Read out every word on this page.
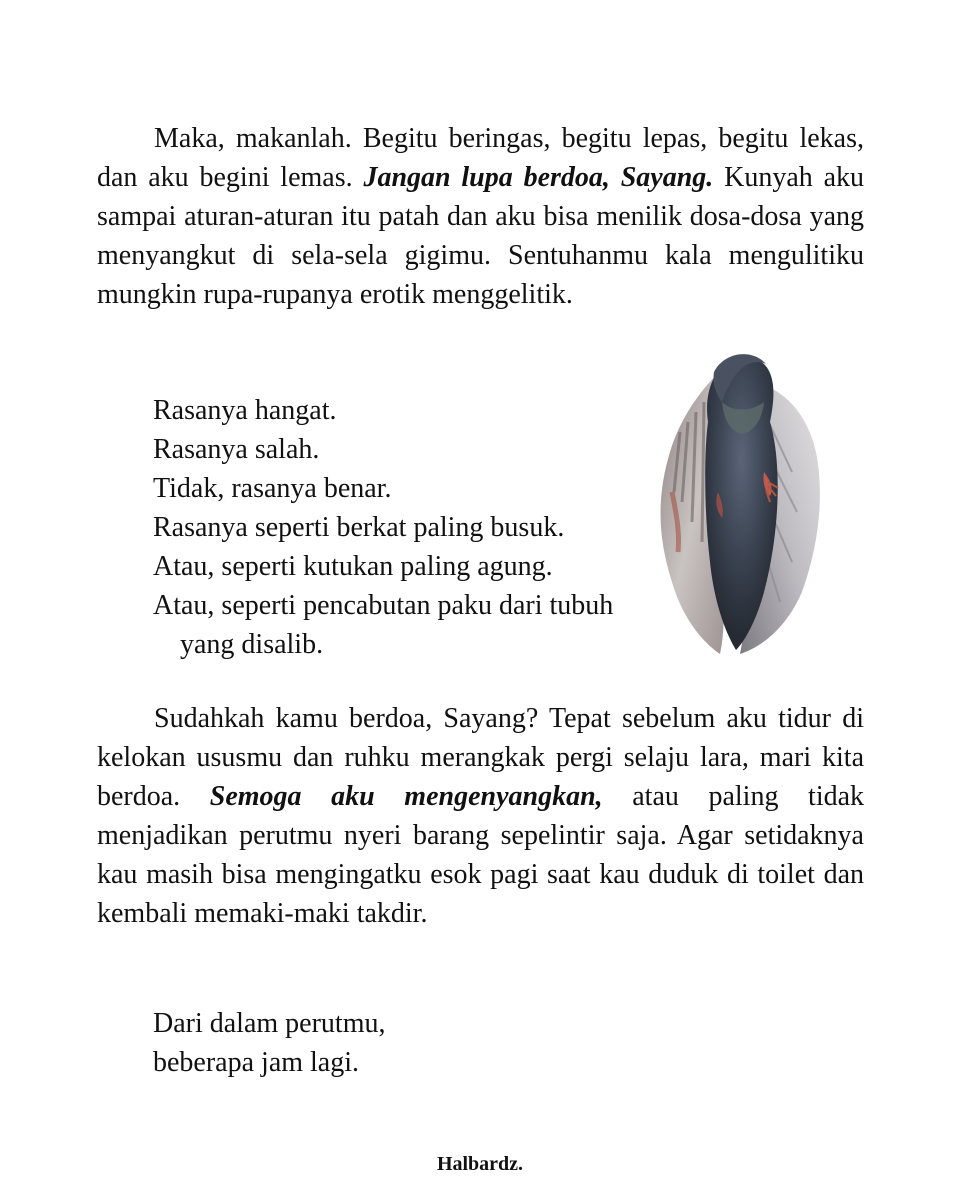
Maka, makanlah. Begitu beringas, begitu lepas, begitu lekas, dan aku begini lemas. Jangan lupa berdoa, Sayang. Kunyah aku sampai aturan-aturan itu patah dan aku bisa menilik dosa-dosa yang menyangkut di sela-sela gigimu. Sentuhanmu kala mengulitiku mungkin rupa-rupanya erotik menggelitik.

Rasanya hangat.
Rasanya salah.
Tidak, rasanya benar.
Rasanya seperti berkat paling busuk.
Atau, seperti kutukan paling agung.
Atau, seperti pencabutan paku dari tubuh
yang disalib.

Sudahkah kamu berdoa, Sayang? Tepat sebelum aku tidur di kelokan ususmu dan ruhku merangkak pergi selaju lara, mari kita berdoa. Semoga aku mengenyangkan, atau paling tidak menjadikan perutmu nyeri barang sepelintir saja. Agar setidaknya kau masih bisa mengingatku esok pagi saat kau duduk di toilet dan kembali memaki-maki takdir.

Dari dalam perutmu,
beberapa jam lagi.
Halbardz.
